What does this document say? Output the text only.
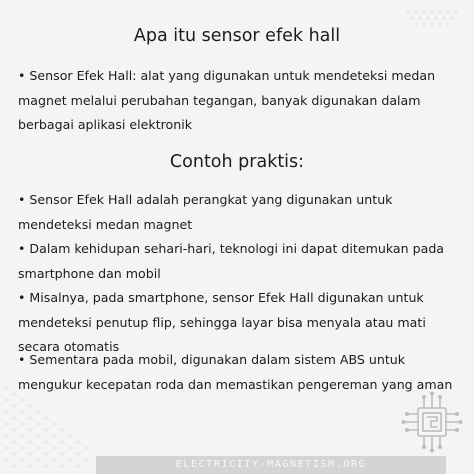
Apa itu sensor efek hall
• Sensor Efek Hall: alat yang digunakan untuk mendeteksi medan
magnet melalui perubahan tegangan, banyak digunakan dalam
berbagai aplikasi elektronik
Contoh praktis:
• Sensor Efek Hall adalah perangkat yang digunakan untuk
mendeteksi medan magnet
• Dalam kehidupan sehari-hari, teknologi ini dapat ditemukan pada
smartphone dan mobil
• Misalnya, pada smartphone, sensor Efek Hall digunakan untuk
mendeteksi penutup flip, sehingga layar bisa menyala atau mati
secara otomatis
• Sementara pada mobil, digunakan dalam sistem ABS untuk
mengukur kecepatan roda dan memastikan pengereman yang aman
ELECTRICITY-MAGNETISM.ORG
